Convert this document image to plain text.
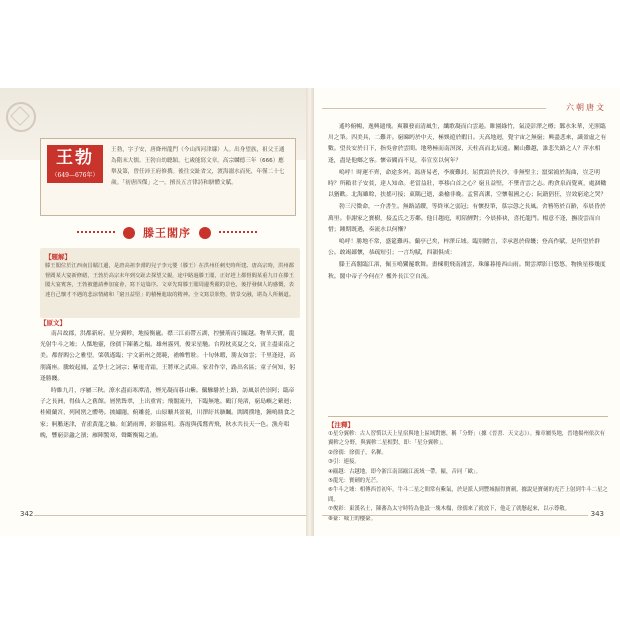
王勃
（649—676年）

王勃，字子安，唐絳州龍門（今山西河津縣）人。出身望族，祖父王通為隋末大儒。王勃自幼聰穎，七歲能寫文章。高宗麟德三年（666）應舉及第，曾任沛王府修撰。後往交趾省父，渡海溺水而死，年僅二十七歲。「初唐四傑」之一，擅長五言律詩和駢體文賦。

滕王閣序
【題解】

滕王閣位於江西南昌贛江邊，是唐高祖李淵的兒子李元嬰（滕王）在洪州任刺史時所建。唐高宗時，洪州都督閻某大宴新修繕，王勃於高宗末年到交趾去探望父親，途中路過滕王閣，正好趕上都督閻某重九日在滕王閣大宴賓客，王勃被邀請參加宴會，寫下這篇序。文章先寫滕王閣周邊秀麗的景色，後抒發個人的感慨，表達自己懷才不遇的悲涼情緒和「窮且益堅」的積極進取的精神。全文寫景狀物，情景交融，堪為人所稱道。

【原文】

南昌故郡，洪都新府。星分翼軫，地接衡廬。襟三江而帶五湖，控蠻荊而引甌越。物華天寶，龍光射牛斗之墟；人傑地靈，徐孺下陳蕃之榻。雄州霧列，俊采星馳。台隍枕夷夏之交，賓主盡東南之美。都督閻公之雅望，棨戟遙臨；宇文新州之懿範，襜帷暫駐。十旬休暇，勝友如雲；千里逢迎，高朋滿座。騰蛟起鳳，孟學士之詞宗；紫電青霜，王將軍之武庫。家君作宰，路出名區；童子何知，躬逢勝餞。

時維九月，序屬三秋。潦水盡而寒潭清，煙光凝而暮山紫。儼驂騑於上路，訪風景於崇阿；臨帝子之長洲，得仙人之舊館。層巒聳翠，上出重霄；飛閣流丹，下臨無地。鶴汀鳧渚，窮島嶼之縈迴；桂殿蘭宮，列岡巒之體勢。披繡闥，俯雕甍，山原曠其盈視，川澤紆其駭矚。閭閻撲地，鐘鳴鼎食之家；舸艦迷津，青雀黃龍之舳。虹銷雨霽，彩徹區明。落霞與孤鶩齊飛，秋水共長天一色。漁舟唱晚，響窮彭蠡之濱；雁陣驚寒，聲斷衡陽之浦。

342
六朝唐文

遙吟俯暢，逸興遄飛。爽籟發而清風生，纖歌凝而白雲遏。睢園綠竹，氣凌彭澤之樽；鄴水朱華，光照臨川之筆。四美具，二難并。窮睇眄於中天，極娛遊於暇日。天高地迥，覺宇宙之無窮；興盡悲來，識盈虛之有數。望長安於日下，指吳會於雲間。地勢極而南溟深，天柱高而北辰遠。關山難越，誰悲失路之人？萍水相逢，盡是他鄉之客。懷帝閽而不見，奉宣室以何年？

嗚呼！時運不齊，命途多舛。馮唐易老，李廣難封。屈賈誼於長沙，非無聖主；竄梁鴻於海曲，豈乏明時？所賴君子安貧，達人知命。老當益壯，寧移白首之心？窮且益堅，不墜青雲之志。酌貪泉而覺爽，處涸轍以猶歡。北海雖賒，扶搖可接；東隅已逝，桑榆非晚。孟嘗高潔，空懷報國之心；阮籍猖狂，豈效窮途之哭？

勃三尺微命，一介書生。無路請纓，等終軍之弱冠；有懷投筆，慕宗愨之長風。舍簪笏於百齡，奉晨昏於萬里。非謝家之寶樹，接孟氏之芳鄰。他日趨庭，叨陪鯉對；今晨捧袂，喜托龍門。楊意不逢，撫凌雲而自惜；鍾期既遇，奏流水以何慚？

嗚呼！勝地不常，盛筵難再。蘭亭已矣，梓澤丘墟。臨別贈言，幸承恩於偉餞；登高作賦，是所望於群公。敢竭鄙懷，恭疏短引；一言均賦，四韻俱成：

滕王高閣臨江渚，佩玉鳴鸞罷歌舞。畫棟朝飛南浦雲，珠簾暮捲西山雨。閑雲潭影日悠悠，物換星移幾度秋。閣中帝子今何在？檻外長江空自流。

【注釋】

①星分翼軫：古人習慣以天上星宿與地上區域對應，稱「分野」（據《晉書．天文志》）。豫章屬吳地，晉地揚州依次有翼軫之分野，與翼軫二星相對，即：「星分翼軫」。

②徐孺：徐孺子，名穉。

③引：連接。

④甌越：古越地，即今浙江南部甌江流域一帶。甌，音同「歐」。

⑤龍光：寶劍的光芒。

⑥牛斗之墟：相傳西晉初年，牛斗二星之間常有紫氣，於是派人到豐城掘得寶劍，據說是寶劍的光芒上射到牛斗二星之間。

⑦俊彩：東漢名士，陳蕃為太守時特為他設一塊木榻，徐孺來了就放下，他走了就懸起來，以示尊敬。

⑧臺：城上的樓臺。

343
